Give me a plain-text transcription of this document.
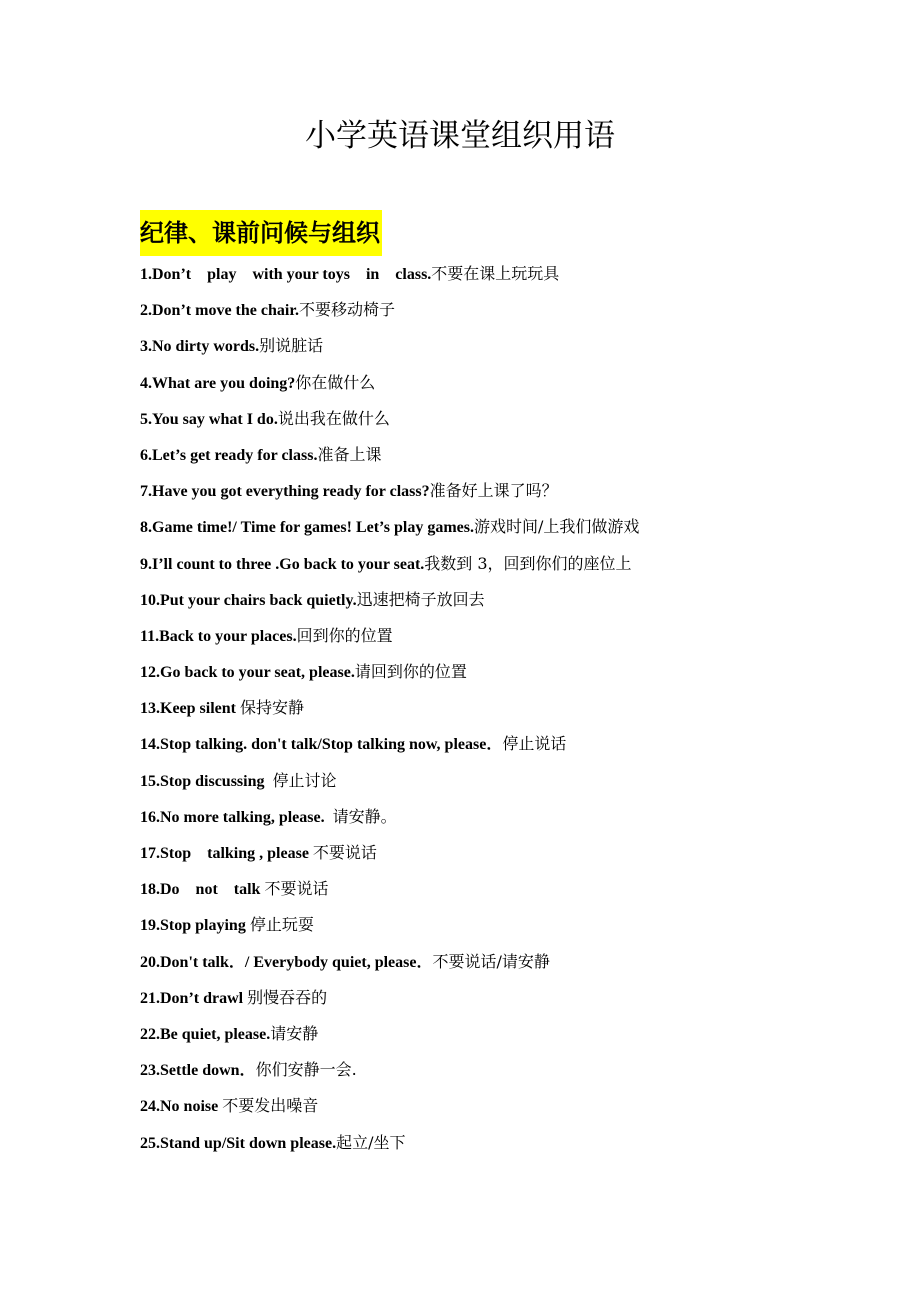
小学英语课堂组织用语
纪律、课前问候与组织
1.Don’t    play    with your toys    in    class.不要在课上玩玩具
2.Don’t move the chair.不要移动椅子
3.No dirty words.别说脏话
4.What are you doing?你在做什么
5.You say what I do.说出我在做什么
6.Let’s get ready for class.准备上课
7.Have you got everything ready for class?准备好上课了吗？
8.Game time!/ Time for games! Let’s play games.游戏时间/上我们做游戏
9.I’ll count to three .Go back to your seat.我数到 3，回到你们的座位上
10.Put your chairs back quietly.迅速把椅子放回去
11.Back to your places.回到你的位置
12.Go back to your seat, please.请回到你的位置
13.Keep silent 保持安静
14.Stop talking. don't talk/Stop talking now, please．停止说话
15.Stop discussing  停止讨论
16.No more talking, please.  请安静。
17.Stop    talking , please 不要说话
18.Do    not    talk 不要说话
19.Stop playing 停止玩耍
20.Don't talk．/ Everybody quiet, please．不要说话/请安静
21.Don’t drawl 别慢吞吞的
22.Be quiet, please.请安静
23.Settle down．你们安静一会.
24.No noise 不要发出噪音
25.Stand up/Sit down please.起立/坐下
